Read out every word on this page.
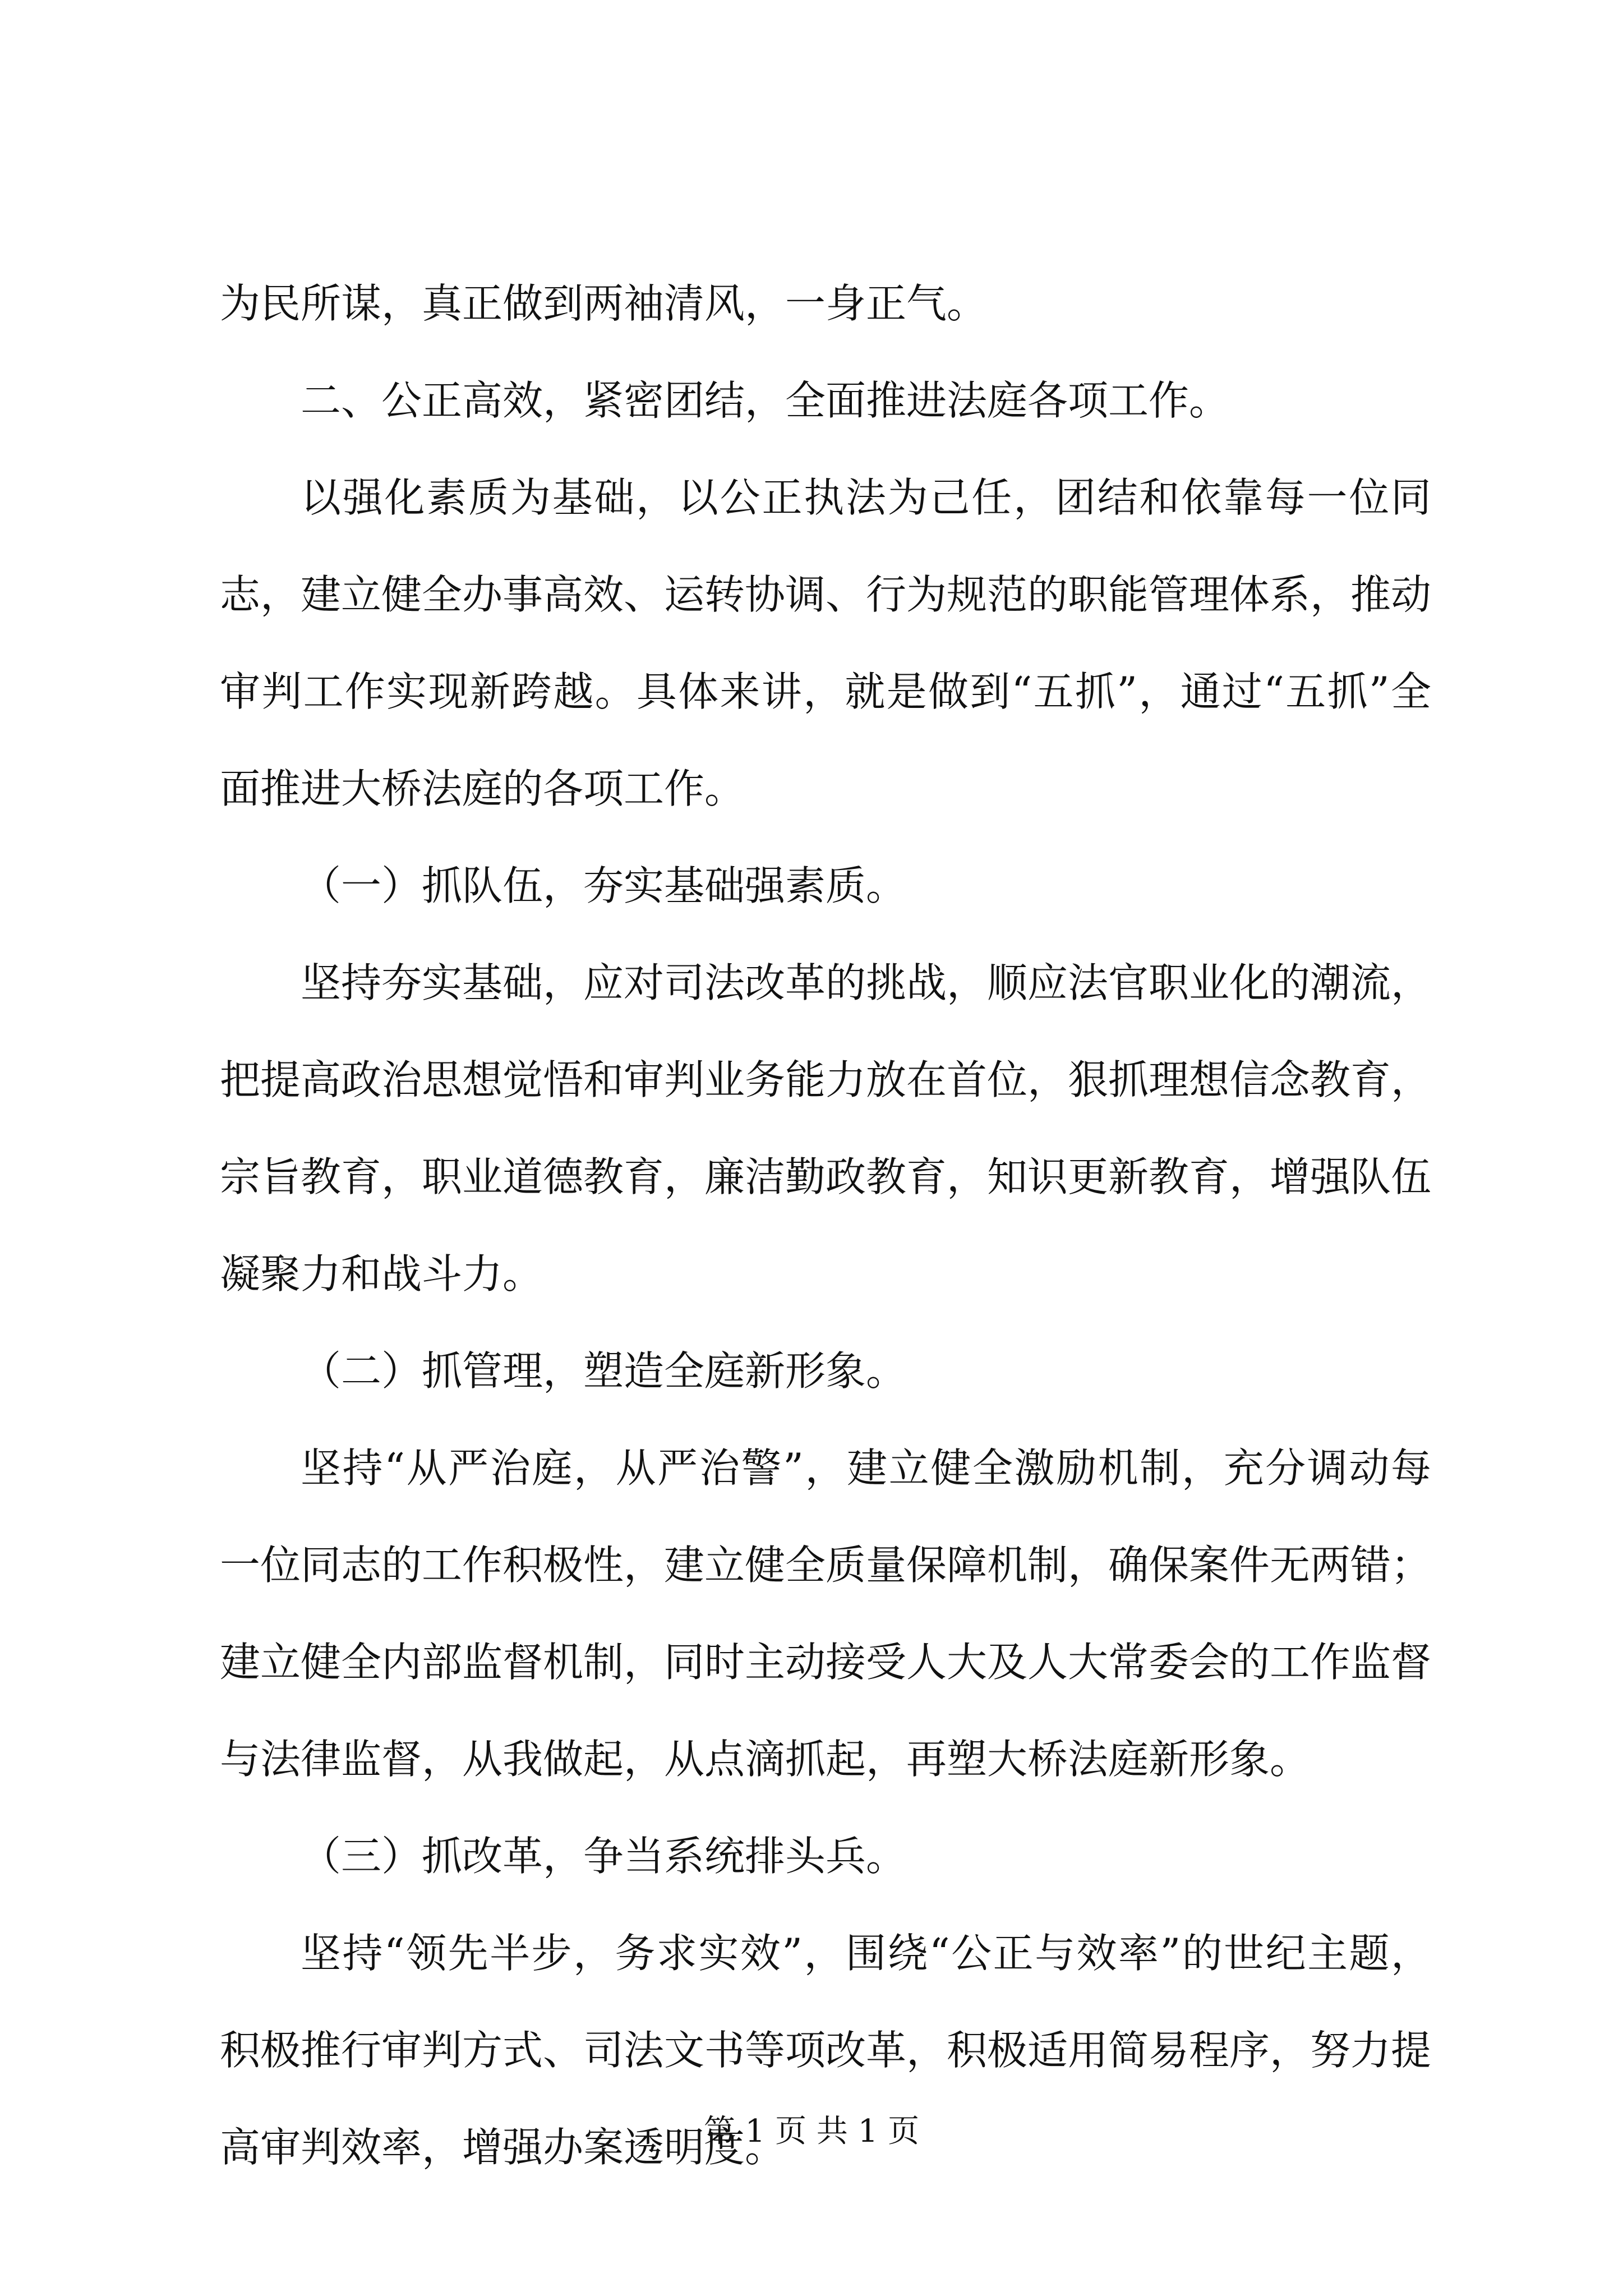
为民所谋，真正做到两袖清风，一身正气。

二、公正高效，紧密团结，全面推进法庭各项工作。

以强化素质为基础，以公正执法为己任，团结和依靠每一位同志，建立健全办事高效、运转协调、行为规范的职能管理体系，推动审判工作实现新跨越。具体来讲，就是做到“五抓”，通过“五抓”全面推进大桥法庭的各项工作。

（一）抓队伍，夯实基础强素质。

坚持夯实基础，应对司法改革的挑战，顺应法官职业化的潮流，把提高政治思想觉悟和审判业务能力放在首位，狠抓理想信念教育，宗旨教育，职业道德教育，廉洁勤政教育，知识更新教育，增强队伍凝聚力和战斗力。

（二）抓管理，塑造全庭新形象。

坚持“从严治庭，从严治警”，建立健全激励机制，充分调动每一位同志的工作积极性，建立健全质量保障机制，确保案件无两错；建立健全内部监督机制，同时主动接受人大及人大常委会的工作监督与法律监督，从我做起，从点滴抓起，再塑大桥法庭新形象。

（三）抓改革，争当系统排头兵。

坚持“领先半步，务求实效”，围绕“公正与效率”的世纪主题，积极推行审判方式、司法文书等项改革，积极适用简易程序，努力提高审判效率，增强办案透明度。

第 1 页 共 1 页
